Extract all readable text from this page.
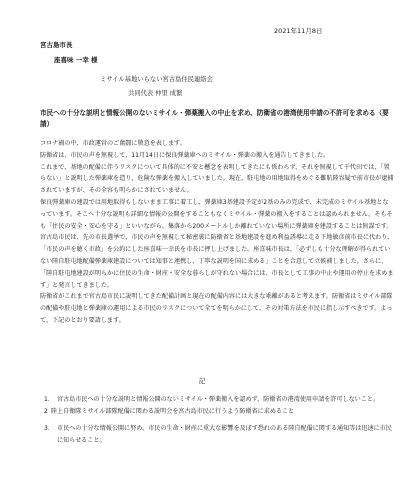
2021年11月8日
宮古島市長
座喜味 一幸 様
ミサイル基地いらない宮古島住民連絡会
共同代表 仲里 成繁
市民への十分な説明と情報公開のないミサイル・弾薬搬入の中止を求め、防衛省の港湾使用申請の不許可を求める（要請）

コロナ禍の中、市政運営のご奮闘に敬意を表します。

防衛省は、市民の声を無視して、11月14日に保良弾薬庫へのミサイル・弾薬の搬入を通告してきました。

これまで、基地の配備に伴うリスクについて具体的に不安と懸念を表明してきたにも係わらず、それを無視して千代田では、「置らない」と説明した弾薬庫を造り、危険な弾薬を搬入していました。現在、駐屯地の用地取得をめぐる難航陸容疑で前市長が逮捕されていますが、その全容も明らかにされていません。

保良弾薬庫の建設では用地取得もしないまま工事に着工し、弾薬庫3基建設予定が2基のみの完成で、未完成のミサイル基地となっています。そこへ十分な説明も詳細な情報の公開をすることもなくミサイル・弾薬の搬入をすることは認められません。そもそも「住民の安全・安心を守る」といいながら、集落から200メートルしか離れていない場所に弾薬庫を建設することは無謀です。

宮古島市民は、先の市長選挙で、市民の声を無視して秘密裏に防衛省と基地建設を進め利益誘導に走る下地敏彦前市長に代わり、「市民の声を聴く市政」を公約にした座喜味一幸氏を市長に押し上げました。座喜味市長は、「必ずしも十分な理解が得られていない陸自駐屯地配備弾薬庫建設については知事と連携し、丁寧な説明を国に求める」ことを合意して立候補しました。さらに、「陸自駐屯地建設が明らかに住民の生命・財産・安全な暮らしが守れない場合には、市長として工事の中止や運用の停止を求めます」と発言してきました。

防衛省がこれまで宮古島市民に説明してきた配備計画と現在の配備内容には大きな乖離があると考えます。防衛省はミサイル部隊の配備や駐屯地と弾薬庫の運用による市民のリスクについて全てを明らかにして、その対策方法を市民に指し示すべきです。よって、下記のとおり要請します。

記
1． 宮古島市民への十分な説明と情報公開のないミサイル・弾薬搬入を認めず、防衛省の港湾使用申請を許可しないこと。
2 陸上自衛隊ミサイル部隊配備に関わる説明会を宮古島市民に行うよう防衛省に求めること
3． 市民への十分な情報公開に努め、市民の生命・財産に重大な影響を及ぼす恐れのある陸自配備に関する通知等は迅速に市民に知らせること。
